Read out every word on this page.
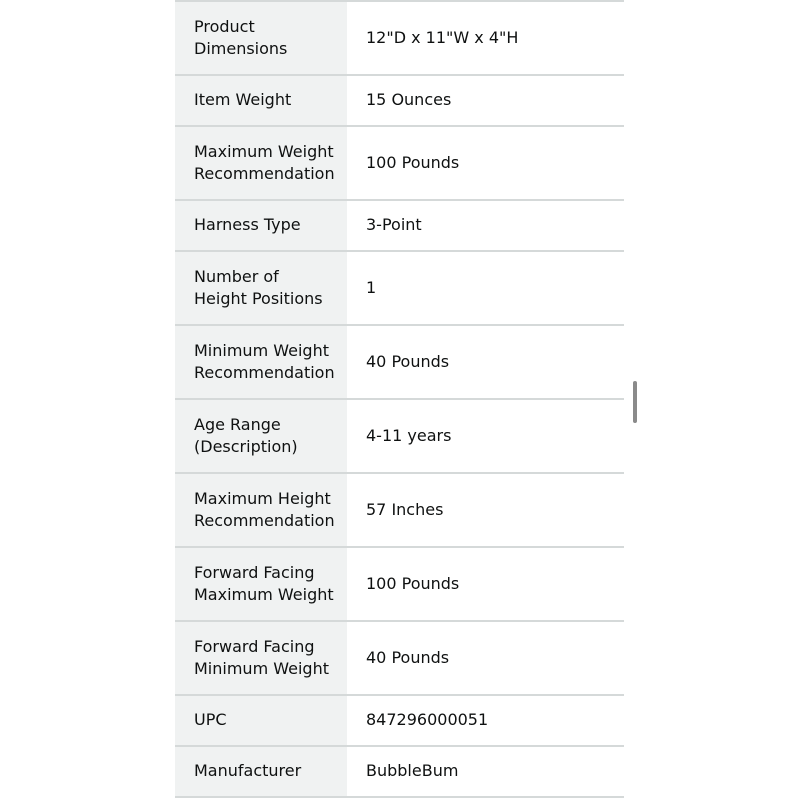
Product
Dimensions	12"D x 11"W x 4"H

Item Weight	15 Ounces

Maximum Weight
Recommendation	100 Pounds

Harness Type	3-Point

Number of
Height Positions	1

Minimum Weight
Recommendation	40 Pounds

Age Range
(Description)	4-11 years

Maximum Height
Recommendation	57 Inches

Forward Facing
Maximum Weight	100 Pounds

Forward Facing
Minimum Weight	40 Pounds

UPC	847296000051

Manufacturer	BubbleBum
